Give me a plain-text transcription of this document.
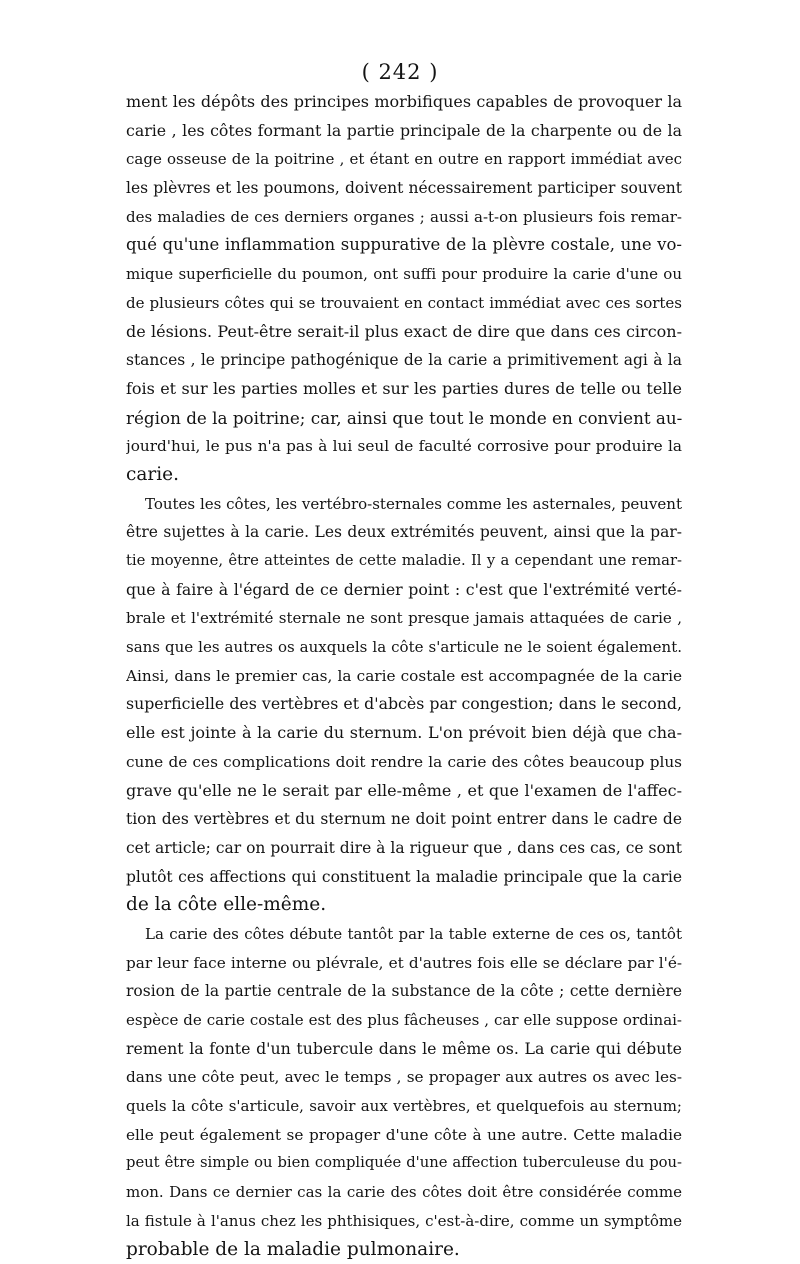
( 242 )
ment les dépôts des principes morbifiques capables de provoquer la
carie , les côtes formant la partie principale de la charpente ou de la
cage osseuse de la poitrine , et étant en outre en rapport immédiat avec
les plèvres et les poumons, doivent nécessairement participer souvent
des maladies de ces derniers organes ; aussi a-t-on plusieurs fois remar-
qué qu'une inflammation suppurative de la plèvre costale, une vo-
mique superficielle du poumon, ont suffi pour produire la carie d'une ou
de plusieurs côtes qui se trouvaient en contact immédiat avec ces sortes
de lésions. Peut-être serait-il plus exact de dire que dans ces circon-
stances , le principe pathogénique de la carie a primitivement agi à la
fois et sur les parties molles et sur les parties dures de telle ou telle
région de la poitrine; car, ainsi que tout le monde en convient au-
jourd'hui, le pus n'a pas à lui seul de faculté corrosive pour produire la
carie.
Toutes les côtes, les vertébro-sternales comme les asternales, peuvent
être sujettes à la carie. Les deux extrémités peuvent, ainsi que la par-
tie moyenne, être atteintes de cette maladie. Il y a cependant une remar-
que à faire à l'égard de ce dernier point : c'est que l'extrémité verté-
brale et l'extrémité sternale ne sont presque jamais attaquées de carie ,
sans que les autres os auxquels la côte s'articule ne le soient également.
Ainsi, dans le premier cas, la carie costale est accompagnée de la carie
superficielle des vertèbres et d'abcès par congestion; dans le second,
elle est jointe à la carie du sternum. L'on prévoit bien déjà que cha-
cune de ces complications doit rendre la carie des côtes beaucoup plus
grave qu'elle ne le serait par elle-même , et que l'examen de l'affec-
tion des vertèbres et du sternum ne doit point entrer dans le cadre de
cet article; car on pourrait dire à la rigueur que , dans ces cas, ce sont
plutôt ces affections qui constituent la maladie principale que la carie
de la côte elle-même.
La carie des côtes débute tantôt par la table externe de ces os, tantôt
par leur face interne ou plévrale, et d'autres fois elle se déclare par l'é-
rosion de la partie centrale de la substance de la côte ; cette dernière
espèce de carie costale est des plus fâcheuses , car elle suppose ordinai-
rement la fonte d'un tubercule dans le même os. La carie qui débute
dans une côte peut, avec le temps , se propager aux autres os avec les-
quels la côte s'articule, savoir aux vertèbres, et quelquefois au sternum;
elle peut également se propager d'une côte à une autre. Cette maladie
peut être simple ou bien compliquée d'une affection tuberculeuse du pou-
mon. Dans ce dernier cas la carie des côtes doit être considérée comme
la fistule à l'anus chez les phthisiques, c'est-à-dire, comme un symptôme
probable de la maladie pulmonaire.
